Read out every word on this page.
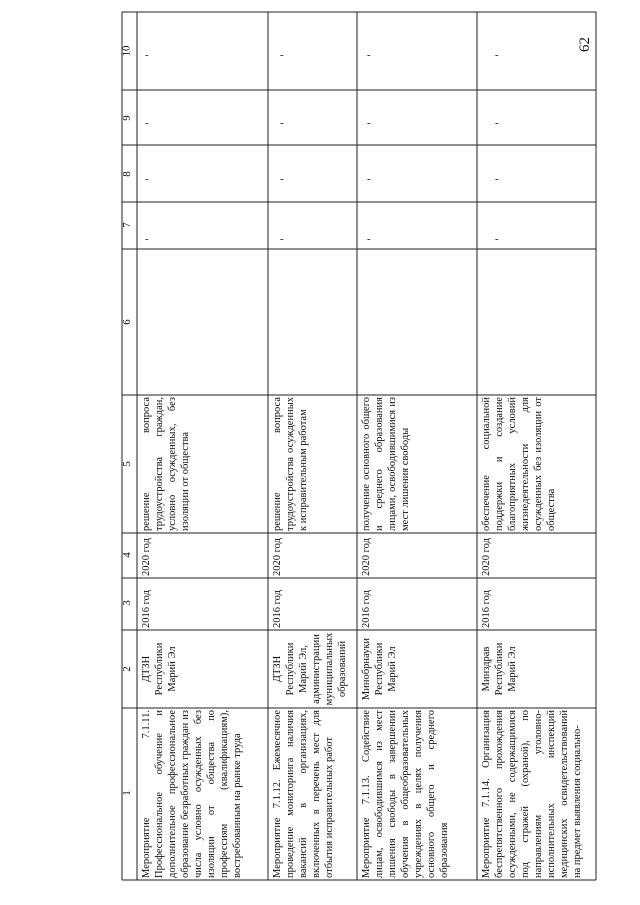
62
1
2
3
4
5
6
7
8
9
10
Мероприятие 7.1.11. Профессиональное обучение и дополнительное профессиональное образование безработных граждан из числа условно осужденных без изоляции от общества по профессиям (квалификациям), востребованным на рынке труда
ДТЗН Республики Марий Эл
2016 год
2020 год
решение вопроса трудоустройства граждан, условно осужденных, без изоляции от общества
-
-
-
-
Мероприятие 7.1.12. Ежемесячное проведение мониторинга наличия вакансий в организациях, включенных в перечень мест для отбытия исправительных работ
ДТЗН Республики Марий Эл, администрации муниципальных образований
2016 год
2020 год
решение вопроса трудоустройства осужденных к исправительным работам
-
-
-
-
Мероприятие 7.1.13. Содействие лицам, освободившимся из мест лишения свободы в завершении обучения в общеобразовательных учреждениях в целях получения основного общего и среднего образования
Минобрнауки Республики Марий Эл
2016 год
2020 год
получение основного общего и среднего образования лицами, освободившимися из мест лишения свободы
-
-
-
-
Мероприятие 7.1.14. Организация беспрепятственного прохождения осужденными, не содержащимися под стражей (охраной), по направлениям уголовно-исполнительных инспекций медицинских освидетельствований на предмет выявления социально-
Минздрав Республики Марий Эл
2016 год
2020 год
обеспечение социальной поддержки и создание благоприятных условий жизнедеятельности для осужденных без изоляции от общества
-
-
-
-
